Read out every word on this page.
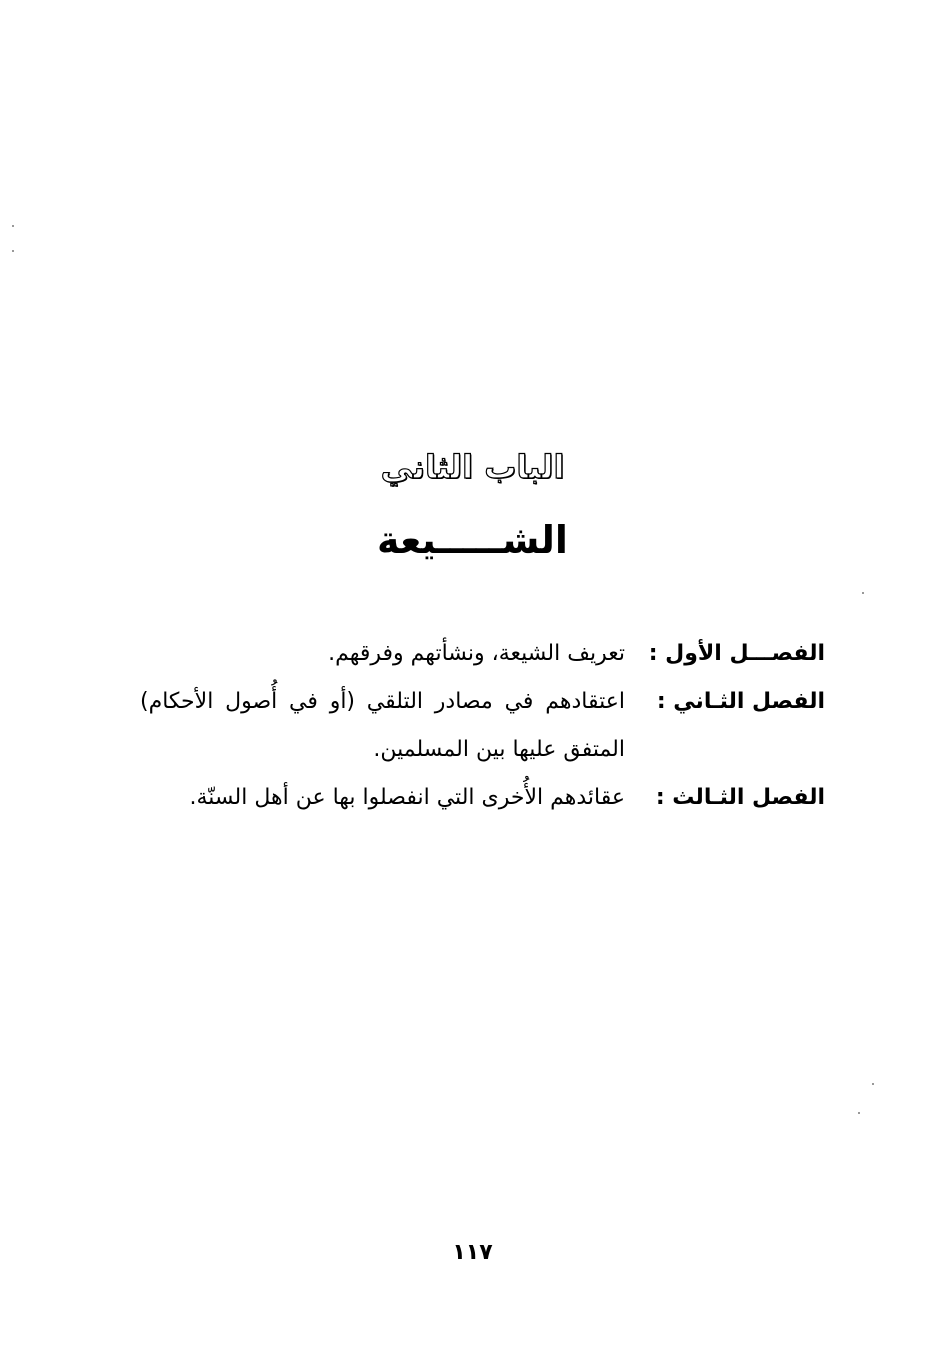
الباب الثاني
الشـــــيعة
الفصـــل الأول :
تعريف الشيعة، ونشأتهم وفرقهم.
الفصل الثـاني :
اعتقادهم في مصادر التلقي (أو في أُصول الأحكام) المتفق عليها بين المسلمين.
الفصل الثـالث :
عقائدهم الأُخرى التي انفصلوا بها عن أهل السنّة.
١١٧
